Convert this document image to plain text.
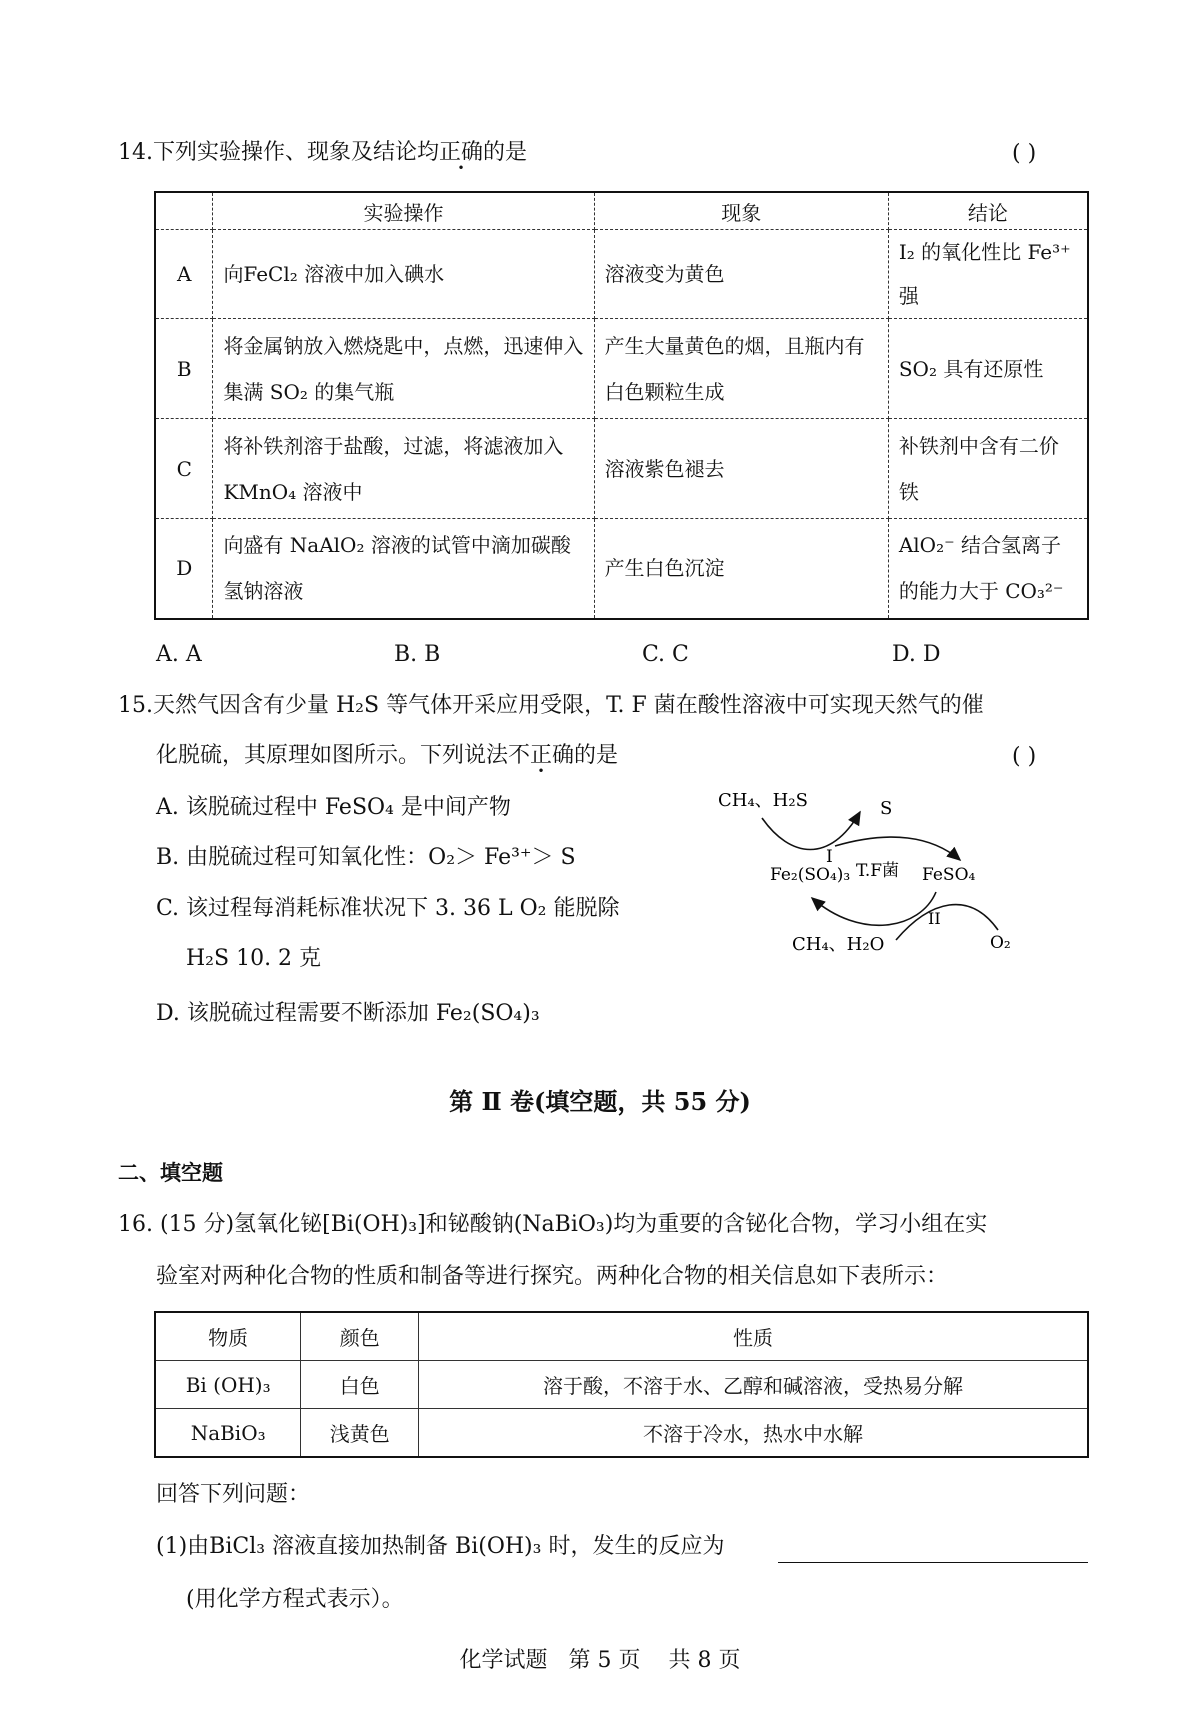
14.下列实验操作、现象及结论均正确的是	( )
	实验操作	现象	结论
A	向FeCl₂ 溶液中加入碘水	溶液变为黄色	I₂ 的氧化性比 Fe³⁺强
B	将金属钠放入燃烧匙中，点燃，迅速伸入集满 SO₂ 的集气瓶	产生大量黄色的烟，且瓶内有白色颗粒生成	SO₂ 具有还原性
C	将补铁剂溶于盐酸，过滤，将滤液加入KMnO₄ 溶液中	溶液紫色褪去	补铁剂中含有二价铁
D	向盛有 NaAlO₂ 溶液的试管中滴加碳酸氢钠溶液	产生白色沉淀	AlO₂⁻ 结合氢离子的能力大于 CO₃²⁻
A. A	B. B	C. C	D. D
15.天然气因含有少量 H₂S 等气体开采应用受限，T. F 菌在酸性溶液中可实现天然气的催
化脱硫，其原理如图所示。下列说法不正确的是	( )
A. 该脱硫过程中 FeSO₄ 是中间产物
B. 由脱硫过程可知氧化性：O₂＞ Fe³⁺＞ S
C. 该过程每消耗标准状况下 3. 36 L O₂ 能脱除
H₂S 10. 2 克
D. 该脱硫过程需要不断添加 Fe₂(SO₄)₃
CH₄、H₂S	S
I
Fe₂(SO₄)₃ T.F菌 FeSO₄
II
CH₄、H₂O	O₂
第 Ⅱ 卷(填空题，共 55 分)
二、填空题
16. (15 分)氢氧化铋[Bi(OH)₃]和铋酸钠(NaBiO₃)均为重要的含铋化合物，学习小组在实
验室对两种化合物的性质和制备等进行探究。两种化合物的相关信息如下表所示：
物质	颜色	性质
Bi (OH)₃	白色	溶于酸，不溶于水、乙醇和碱溶液，受热易分解
NaBiO₃	浅黄色	不溶于冷水，热水中水解
回答下列问题：
(1)由BiCl₃ 溶液直接加热制备 Bi(OH)₃ 时，发生的反应为
(用化学方程式表示）。
化学试题   第 5 页    共 8 页
